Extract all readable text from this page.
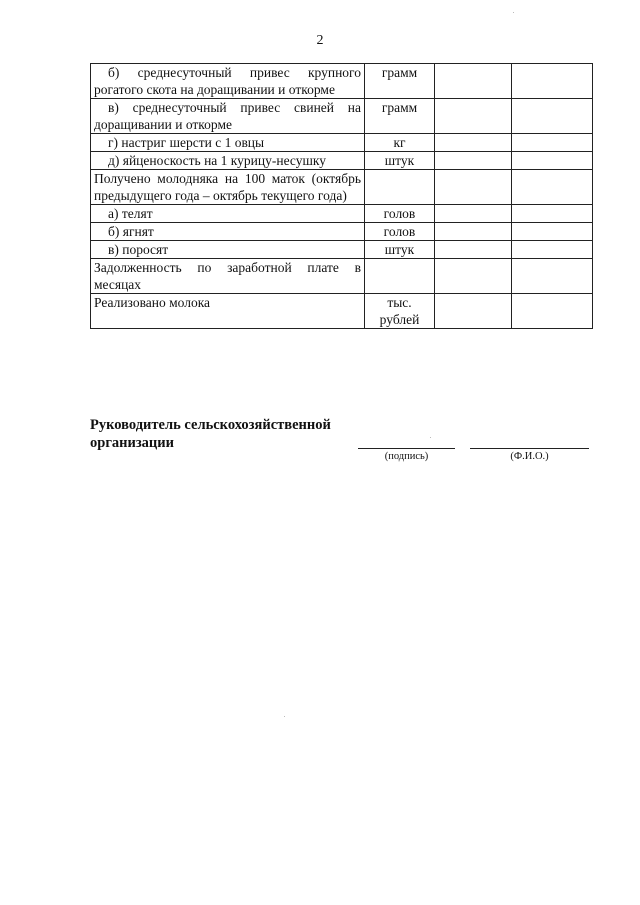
2
б) среднесуточный привес крупного рогатого скота на доращивании и откорме	грамм		
в) среднесуточный привес свиней на доращивании и откорме	грамм		
г) настриг шерсти с 1 овцы	кг		
д) яйценоскость на 1 курицу-несушку	штук		
Получено молодняка на 100 маток (октябрь предыдущего года – октябрь текущего года)			
а) телят	голов		
б) ягнят	голов		
в) поросят	штук		
Задолженность по заработной плате в месяцах			
Реализовано молока	тыс. рублей		
Руководитель сельскохозяйственной
организации
(подпись)	(Ф.И.О.)
